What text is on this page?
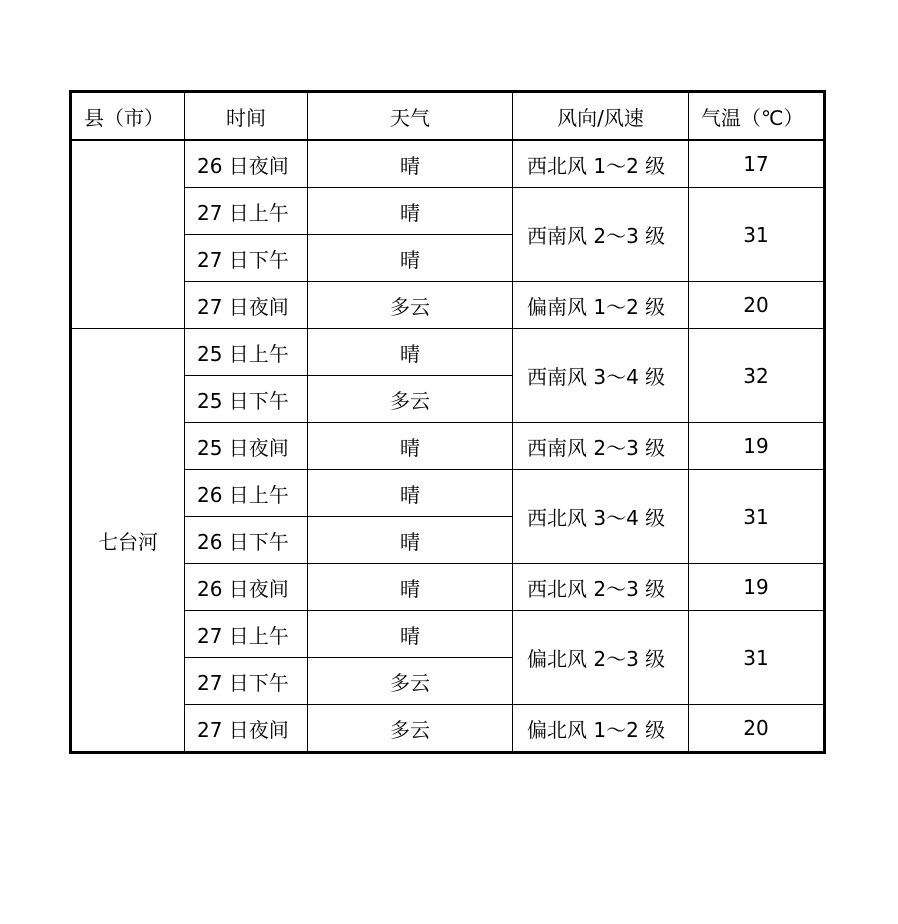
县（市）	时间	天气	风向/风速	气温（℃）
	26 日夜间	晴	西北风 1～2 级	17
	27 日上午	晴	西南风 2～3 级	31
	27 日下午	晴		
	27 日夜间	多云	偏南风 1～2 级	20
七台河	25 日上午	晴	西南风 3～4 级	32
	25 日下午	多云		
	25 日夜间	晴	西南风 2～3 级	19
	26 日上午	晴	西北风 3～4 级	31
	26 日下午	晴		
	26 日夜间	晴	西北风 2～3 级	19
	27 日上午	晴	偏北风 2～3 级	31
	27 日下午	多云		
	27 日夜间	多云	偏北风 1～2 级	20
